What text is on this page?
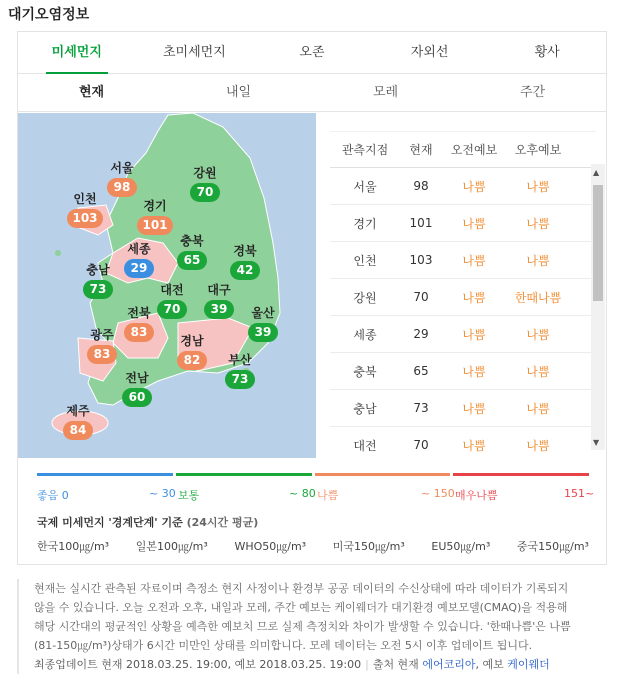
대기오염정보
미세먼지	초미세먼지	오존	자외선	황사
현재	내일	모레	주간
서울
98
강원
70
인천
103
경기
101
세종
29
충북
65
경북
42
충남
73	대전
70
대구
39	울산
39
전북
83
광주
83
경남
82	부산
73
전남
60
제주
84
관측지점	현재	오전예보	오후예보
서울	98	나쁨	나쁨
경기	101	나쁨	나쁨
인천	103	나쁨	나쁨
강원	70	나쁨	한때나쁨
세종	29	나쁨	나쁨
충북	65	나쁨	나쁨
충남	73	나쁨	나쁨
대전	70	나쁨	나쁨
▲
▼
좋음 0	~ 30 보통	~ 80 나쁨	~ 150 매우나쁨	151~
국제 미세먼지 '경계단계' 기준 (24시간 평균)
한국100㎍/m³ 일본100㎍/m³ WHO50㎍/m³ 미국150㎍/m³ EU50㎍/m³ 중국150㎍/m³
현재는 실시간 관측된 자료이며 측정소 현지 사정이나 환경부 공공 데이터의 수신상태에 따라 데이터가 기록되지
않을 수 있습니다. 오늘 오전과 오후, 내일과 모레, 주간 예보는 케이웨더가 대기환경 예보모델(CMAQ)을 적용해
해당 시간대의 평균적인 상황을 예측한 예보치 므로 실제 측정치와 차이가 발생할 수 있습니다. '한때나쁨'은 나쁨
(81-150㎍/m³)상태가 6시간 미만인 상태를 의미합니다. 모레 데이터는 오전 5시 이후 업데이트 됩니다.
최종업데이트 현재 2018.03.25. 19:00, 예보 2018.03.25. 19:00 | 출처 현재 에어코리아, 예보 케이웨더
